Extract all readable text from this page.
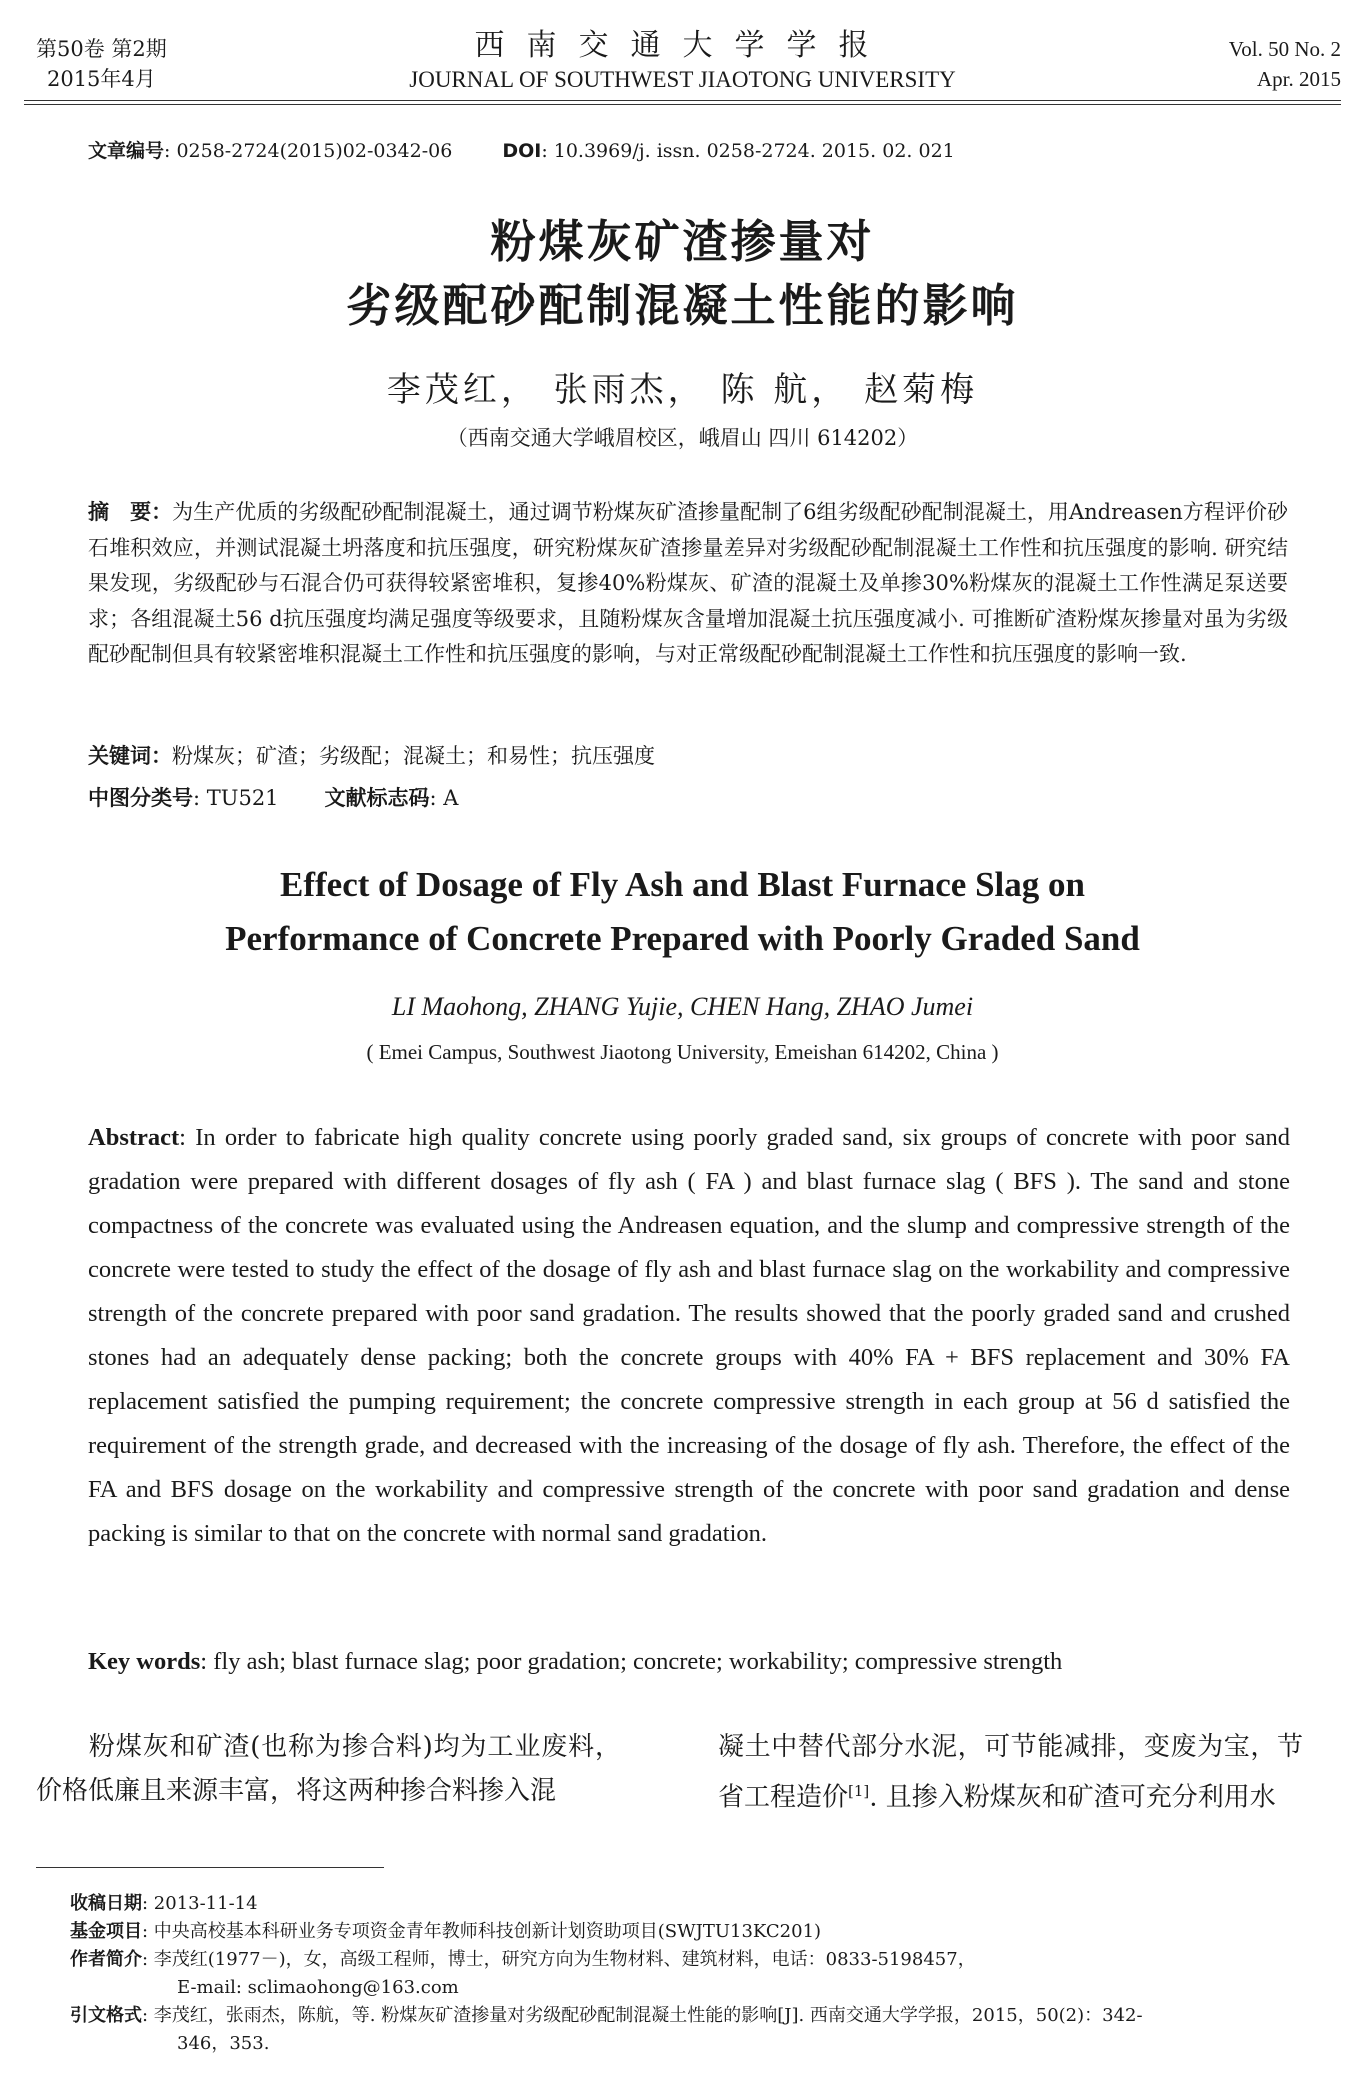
第50卷 第2期
2015年4月
西南交通大学学报
JOURNAL OF SOUTHWEST JIAOTONG UNIVERSITY
Vol. 50 No. 2
Apr. 2015
文章编号: 0258-2724(2015)02-0342-06	DOI: 10.3969/j. issn. 0258-2724. 2015. 02. 021
粉煤灰矿渣掺量对
劣级配砂配制混凝土性能的影响
李茂红， 张雨杰， 陈 航， 赵菊梅
（西南交通大学峨眉校区，峨眉山 四川 614202）
摘　要：为生产优质的劣级配砂配制混凝土，通过调节粉煤灰矿渣掺量配制了6组劣级配砂配制混凝土，用Andreasen方程评价砂石堆积效应，并测试混凝土坍落度和抗压强度，研究粉煤灰矿渣掺量差异对劣级配砂配制混凝土工作性和抗压强度的影响. 研究结果发现，劣级配砂与石混合仍可获得较紧密堆积，复掺40%粉煤灰、矿渣的混凝土及单掺30%粉煤灰的混凝土工作性满足泵送要求；各组混凝土56 d抗压强度均满足强度等级要求，且随粉煤灰含量增加混凝土抗压强度减小. 可推断矿渣粉煤灰掺量对虽为劣级配砂配制但具有较紧密堆积混凝土工作性和抗压强度的影响，与对正常级配砂配制混凝土工作性和抗压强度的影响一致.
关键词：粉煤灰；矿渣；劣级配；混凝土；和易性；抗压强度
中图分类号: TU521 文献标志码: A
Effect of Dosage of Fly Ash and Blast Furnace Slag on
Performance of Concrete Prepared with Poorly Graded Sand
LI Maohong, ZHANG Yujie, CHEN Hang, ZHAO Jumei
( Emei Campus, Southwest Jiaotong University, Emeishan 614202, China )
Abstract: In order to fabricate high quality concrete using poorly graded sand, six groups of concrete with poor sand gradation were prepared with different dosages of fly ash ( FA ) and blast furnace slag ( BFS ). The sand and stone compactness of the concrete was evaluated using the Andreasen equation, and the slump and compressive strength of the concrete were tested to study the effect of the dosage of fly ash and blast furnace slag on the workability and compressive strength of the concrete prepared with poor sand gradation. The results showed that the poorly graded sand and crushed stones had an adequately dense packing; both the concrete groups with 40% FA + BFS replacement and 30% FA replacement satisfied the pumping requirement; the concrete compressive strength in each group at 56 d satisfied the requirement of the strength grade, and decreased with the increasing of the dosage of fly ash. Therefore, the effect of the FA and BFS dosage on the workability and compressive strength of the concrete with poor sand gradation and dense packing is similar to that on the concrete with normal sand gradation.
Key words: fly ash; blast furnace slag; poor gradation; concrete; workability; compressive strength
粉煤灰和矿渣(也称为掺合料)均为工业废料，价格低廉且来源丰富，将这两种掺合料掺入混
凝土中替代部分水泥，可节能减排，变废为宝，节省工程造价[1]. 且掺入粉煤灰和矿渣可充分利用水
收稿日期: 2013-11-14
基金项目: 中央高校基本科研业务专项资金青年教师科技创新计划资助项目(SWJTU13KC201)
作者简介: 李茂红(1977－)，女，高级工程师，博士，研究方向为生物材料、建筑材料，电话：0833-5198457，
E-mail: sclimaohong@163.com
引文格式: 李茂红，张雨杰，陈航，等. 粉煤灰矿渣掺量对劣级配砂配制混凝土性能的影响[J]. 西南交通大学学报，2015，50(2)：342-
346，353.
